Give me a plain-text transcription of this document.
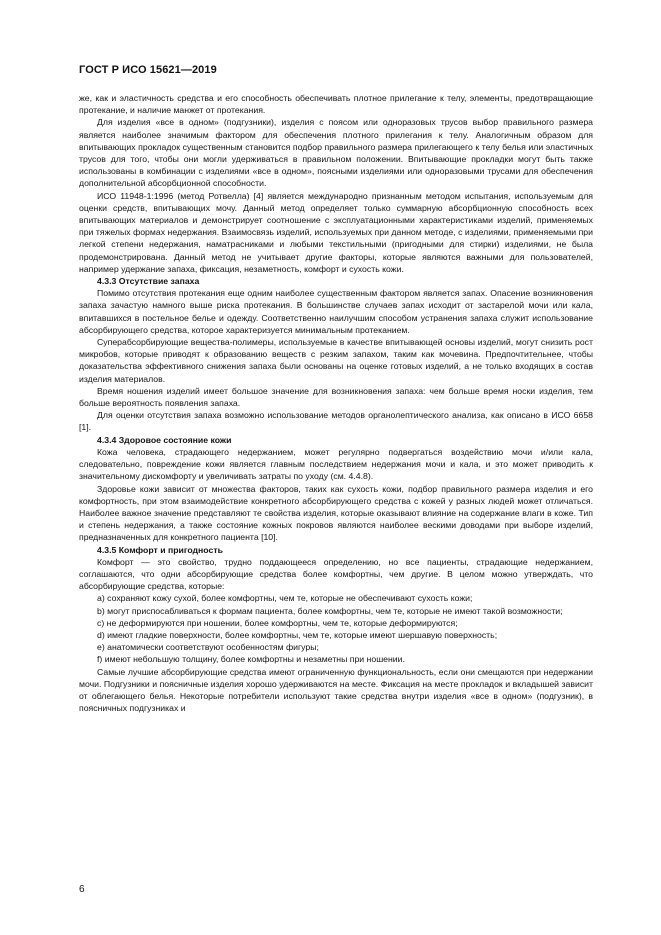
ГОСТ Р ИСО 15621—2019

же, как и эластичность средства и его способность обеспечивать плотное прилегание к телу, элементы, предотвращающие протекание, и наличие манжет от протекания.

Для изделия «все в одном» (подгузники), изделия с поясом или одноразовых трусов выбор правильного размера является наиболее значимым фактором для обеспечения плотного прилегания к телу. Аналогичным образом для впитывающих прокладок существенным становится подбор правильного размера прилегающего к телу белья или эластичных трусов для того, чтобы они могли удерживаться в правильном положении. Впитывающие прокладки могут быть также использованы в комбинации с изделиями «все в одном», поясными изделиями или одноразовыми трусами для обеспечения дополнительной абсорбционной способности.

ИСО 11948-1:1996 (метод Ротвелла) [4] является международно признанным методом испытания, используемым для оценки средств, впитывающих мочу. Данный метод определяет только суммарную абсорбционную способность всех впитывающих материалов и демонстрирует соотношение с эксплуатационными характеристиками изделий, применяемых при тяжелых формах недержания. Взаимосвязь изделий, используемых при данном методе, с изделиями, применяемыми при легкой степени недержания, наматрасниками и любыми текстильными (пригодными для стирки) изделиями, не была продемонстрирована. Данный метод не учитывает другие факторы, которые являются важными для пользователей, например удержание запаха, фиксация, незаметность, комфорт и сухость кожи.

4.3.3 Отсутствие запаха

Помимо отсутствия протекания еще одним наиболее существенным фактором является запах. Опасение возникновения запаха зачастую намного выше риска протекания. В большинстве случаев запах исходит от застарелой мочи или кала, впитавшихся в постельное белье и одежду. Соответственно наилучшим способом устранения запаха служит использование абсорбирующего средства, которое характеризуется минимальным протеканием.

Суперабсорбирующие вещества-полимеры, используемые в качестве впитывающей основы изделий, могут снизить рост микробов, которые приводят к образованию веществ с резким запахом, таким как мочевина. Предпочтительнее, чтобы доказательства эффективного снижения запаха были основаны на оценке готовых изделий, а не только входящих в состав изделия материалов.

Время ношения изделий имеет большое значение для возникновения запаха: чем больше время носки изделия, тем больше вероятность появления запаха.

Для оценки отсутствия запаха возможно использование методов органолептического анализа, как описано в ИСО 6658 [1].

4.3.4 Здоровое состояние кожи

Кожа человека, страдающего недержанием, может регулярно подвергаться воздействию мочи и/или кала, следовательно, повреждение кожи является главным последствием недержания мочи и кала, и это может приводить к значительному дискомфорту и увеличивать затраты по уходу (см. 4.4.8).

Здоровье кожи зависит от множества факторов, таких как сухость кожи, подбор правильного размера изделия и его комфортность, при этом взаимодействие конкретного абсорбирующего средства с кожей у разных людей может отличаться. Наиболее важное значение представляют те свойства изделия, которые оказывают влияние на содержание влаги в коже. Тип и степень недержания, а также состояние кожных покровов являются наиболее вескими доводами при выборе изделий, предназначенных для конкретного пациента [10].

4.3.5 Комфорт и пригодность

Комфорт — это свойство, трудно поддающееся определению, но все пациенты, страдающие недержанием, соглашаются, что одни абсорбирующие средства более комфортны, чем другие. В целом можно утверждать, что абсорбирующие средства, которые:

a) сохраняют кожу сухой, более комфортны, чем те, которые не обеспечивают сухость кожи;

b) могут приспосабливаться к формам пациента, более комфортны, чем те, которые не имеют такой возможности;

c) не деформируются при ношении, более комфортны, чем те, которые деформируются;

d) имеют гладкие поверхности, более комфортны, чем те, которые имеют шершавую поверхность;

e) анатомически соответствуют особенностям фигуры;

f) имеют небольшую толщину, более комфортны и незаметны при ношении.

Самые лучшие абсорбирующие средства имеют ограниченную функциональность, если они смещаются при недержании мочи. Подгузники и поясничные изделия хорошо удерживаются на месте. Фиксация на месте прокладок и вкладышей зависит от облегающего белья. Некоторые потребители используют такие средства внутри изделия «все в одном» (подгузник), в поясничных подгузниках и

6
